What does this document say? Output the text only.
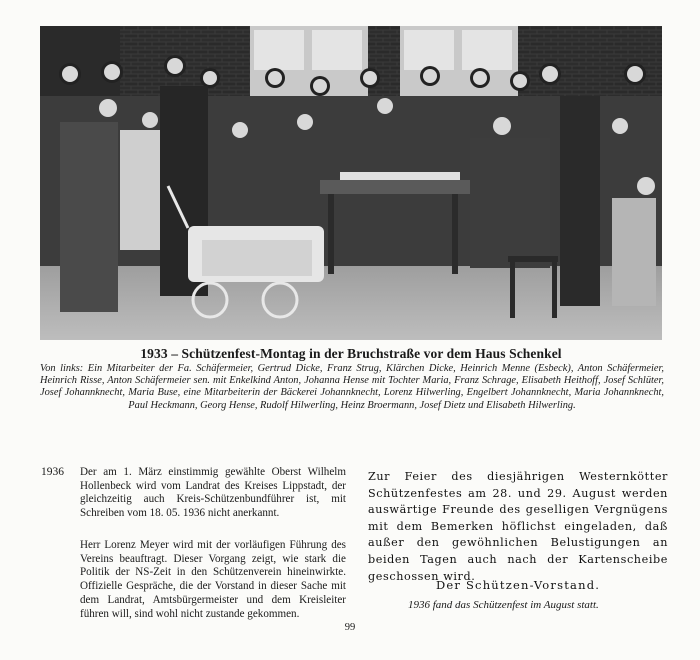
1933 – Schützenfest-Montag in der Bruchstraße vor dem Haus Schenkel
Von links: Ein Mitarbeiter der Fa. Schäfermeier, Gertrud Dicke, Franz Strug, Klärchen Dicke, Heinrich Menne (Esbeck), Anton Schäfermeier, Heinrich Risse, Anton Schäfermeier sen. mit Enkelkind Anton, Johanna Hense mit Tochter Maria, Franz Schrage, Elisabeth Heithoff, Josef Schlüter, Josef Johannknecht, Maria Buse, eine Mitarbeiterin der Bäckerei Johannknecht, Lorenz Hilwerling, Engelbert Johannknecht, Maria Johannknecht, Paul Heckmann, Georg Hense, Rudolf Hilwerling, Heinz Broermann, Josef Dietz und Elisabeth Hilwerling.
1936 Der am 1. März einstimmig gewählte Oberst Wilhelm Hollenbeck wird vom Landrat des Kreises Lippstadt, der gleichzeitig auch Kreis-Schützenbundführer ist, mit Schreiben vom 18. 05. 1936 nicht anerkannt.
Herr Lorenz Meyer wird mit der vorläufigen Führung des Vereins beauftragt. Dieser Vorgang zeigt, wie stark die Politik der NS-Zeit in den Schützenverein hineinwirkte. Offizielle Gespräche, die der Vorstand in dieser Sache mit dem Landrat, Amtsbürgermeister und dem Kreisleiter führen will, sind wohl nicht zustande gekommen.
Zur Feier des diesjährigen Westernkötter Schützenfestes am 28. und 29. August werden auswärtige Freunde des geselligen Vergnügens mit dem Bemerken höflichst eingeladen, daß außer den gewöhnlichen Belustigungen an beiden Tagen auch nach der Kartenscheibe geschossen wird.
Der Schützen-Vorstand.
1936 fand das Schützenfest im August statt.
99
